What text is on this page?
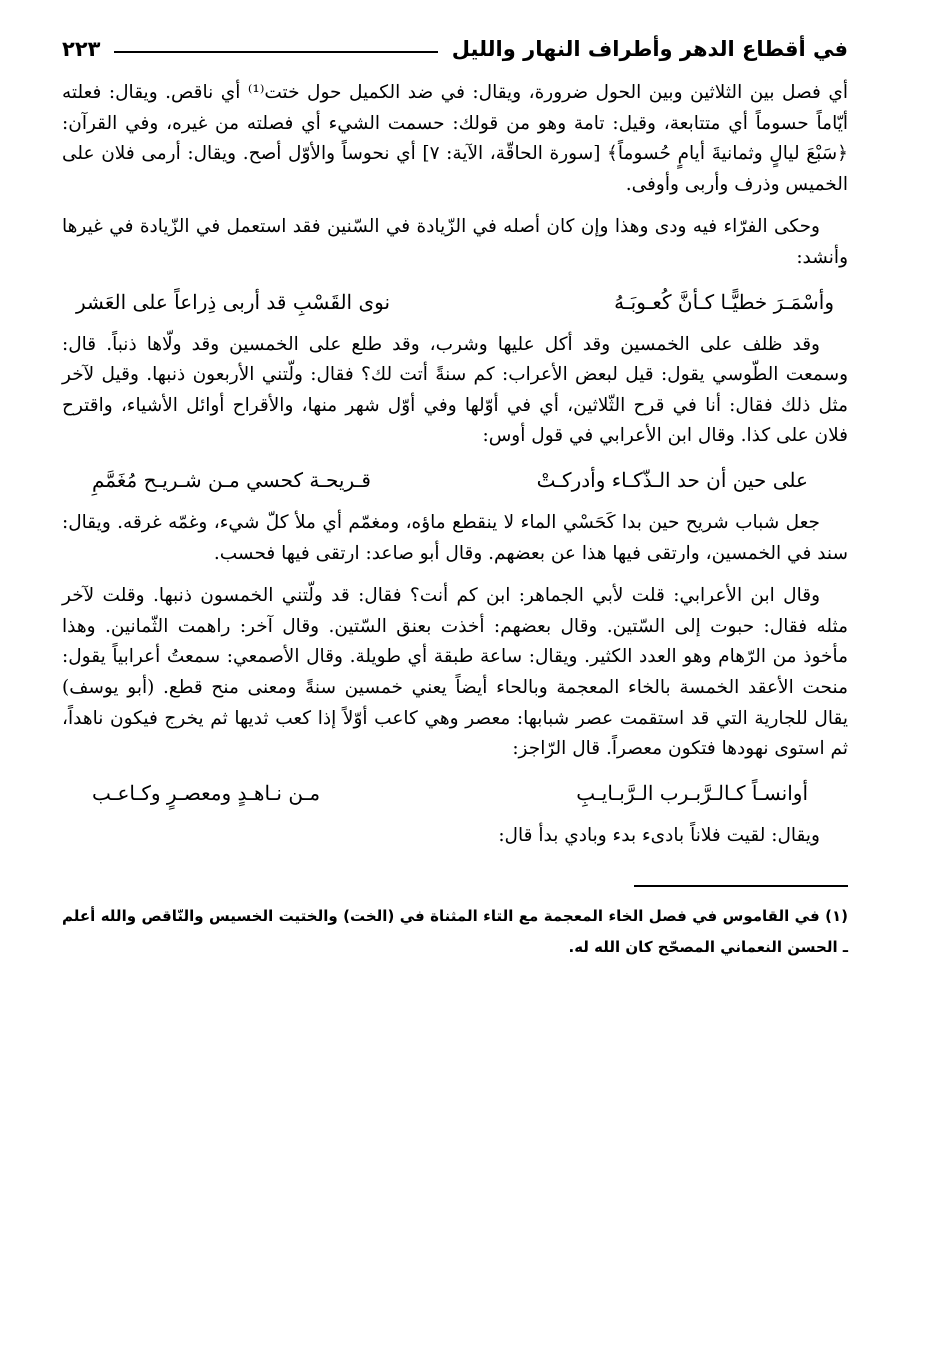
في أقطاع الدهر وأطراف النهار والليل
٢٢٣

أي فصل بين الثلاثين وبين الحول ضرورة، ويقال: في ضد الكميل حول ختت⁽¹⁾ أي ناقص. ويقال: فعلته أيّاماً حسوماً أي متتابعة، وقيل: تامة وهو من قولك: حسمت الشيء أي فصلته من غيره، وفي القرآن: ﴿سَبْعَ ليالٍ وثمانيةَ أيامٍ حُسوماً﴾ [سورة الحاقّة، الآية: ٧] أي نحوساً والأوّل أصح. ويقال: أرمى فلان على الخميس وذرف وأربى وأوفى.

وحكى الفرّاء فيه ودى وهذا وإن كان أصله في الزّيادة في السّنين فقد استعمل في الزّيادة في غيرها وأنشد:

وأسْمَـرَ خطيًّـا كـأنَّ كُعـوبَـهُ
نوى القَسْبِ قد أربى ذِراعاً على العَشر

وقد ظلف على الخمسين وقد أكل عليها وشرب، وقد طلع على الخمسين وقد ولّاها ذنباً. قال: وسمعت الطّوسي يقول: قيل لبعض الأعراب: كم سنةً أتت لك؟ فقال: ولّتني الأربعون ذنبها. وقيل لآخر مثل ذلك فقال: أنا في قرح الثّلاثين، أي في أوّلها وفي أوّل شهر منها، والأقراح أوائل الأشياء، واقترح فلان على كذا. وقال ابن الأعرابي في قول أوس:

على حين أن حد الـذّكـاء وأدركـتْ
قـريحـة كحسي مـن شـريـح مُغَمَّمِ

جعل شباب شريح حين بدا كَحَسْي الماء لا ينقطع ماؤه، ومغمّم أي ملأ كلّ شيء، وغمّه غرقه. ويقال: سند في الخمسين، وارتقى فيها هذا عن بعضهم. وقال أبو صاعد: ارتقى فيها فحسب.

وقال ابن الأعرابي: قلت لأبي الجماهر: ابن كم أنت؟ فقال: قد ولّتني الخمسون ذنبها. وقلت لآخر مثله فقال: حبوت إلى السّتين. وقال بعضهم: أخذت بعنق السّتين. وقال آخر: راهمت الثّمانين. وهذا مأخوذ من الرّهام وهو العدد الكثير. ويقال: ساعة طبقة أي طويلة. وقال الأصمعي: سمعتُ أعرابياً يقول: منحت الأعقد الخمسة بالخاء المعجمة وبالحاء أيضاً يعني خمسين سنةً ومعنى منح قطع. (أبو يوسف) يقال للجارية التي قد استقمت عصر شبابها: معصر وهي كاعب أوّلاً إذا كعب ثديها ثم يخرج فيكون ناهداً، ثم استوى نهودها فتكون معصراً. قال الرّاجز:

أوانسـاً كـالـرَّبـرب الـرَّبـايـبِ
مـن نـاهـدٍ ومعصـرٍ وكـاعـب

ويقال: لقيت فلاناً بادىء بدء وبادي بدأ قال:

(١) في القاموس في فصل الخاء المعجمة مع التاء المثناة في (الخت) والختيت الخسيس والنّاقص والله أعلم ـ الحسن النعماني المصحّح كان الله له.
